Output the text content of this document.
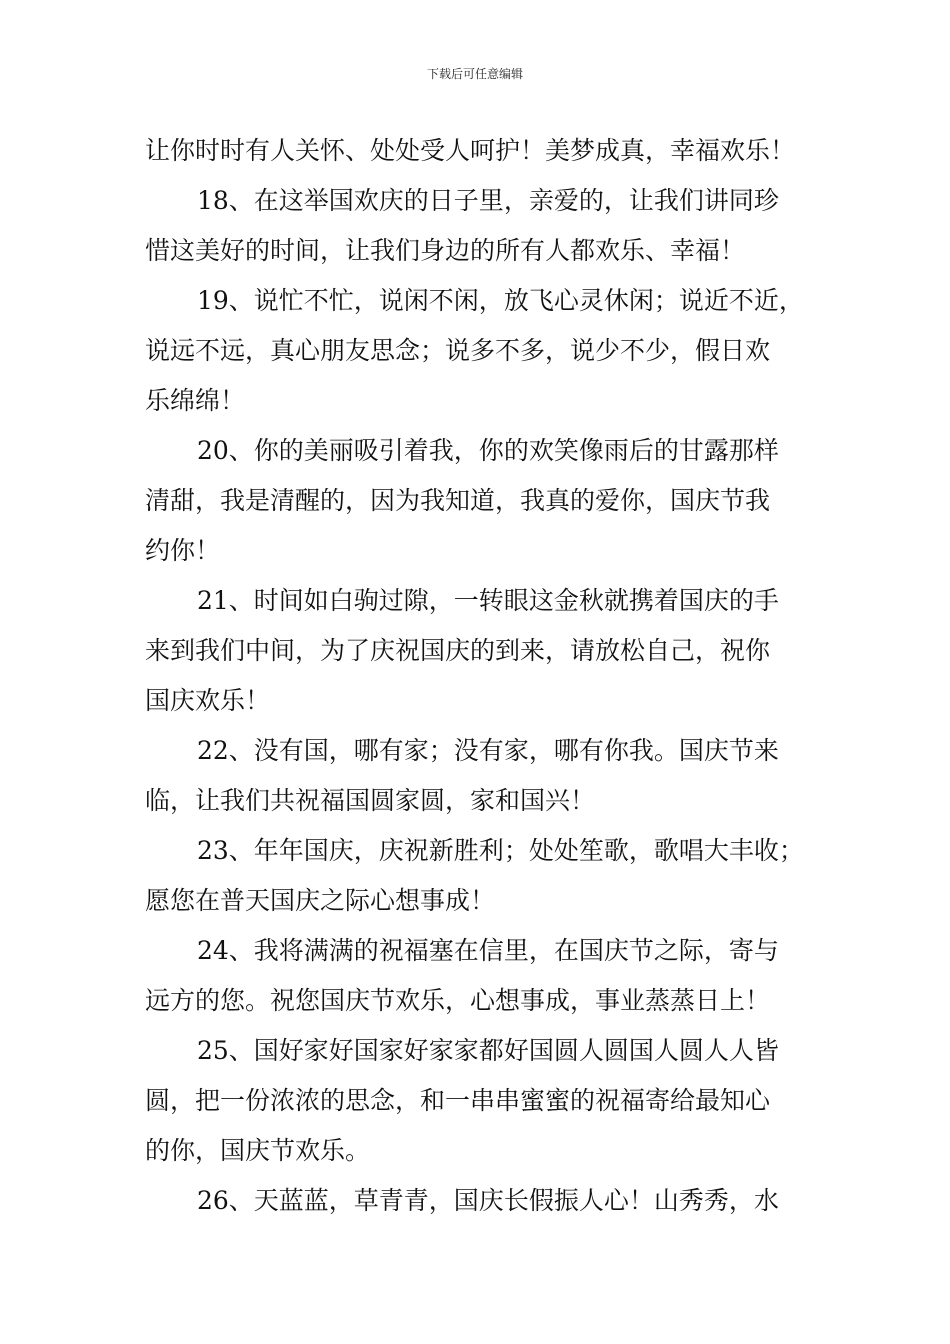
下载后可任意编辑
让你时时有人关怀、处处受人呵护！美梦成真，幸福欢乐！
18、在这举国欢庆的日子里，亲爱的，让我们讲同珍
惜这美好的时间，让我们身边的所有人都欢乐、幸福！
19、说忙不忙，说闲不闲，放飞心灵休闲；说近不近，
说远不远，真心朋友思念；说多不多，说少不少，假日欢
乐绵绵！
20、你的美丽吸引着我，你的欢笑像雨后的甘露那样
清甜，我是清醒的，因为我知道，我真的爱你，国庆节我
约你！
21、时间如白驹过隙，一转眼这金秋就携着国庆的手
来到我们中间，为了庆祝国庆的到来，请放松自己，祝你
国庆欢乐！
22、没有国，哪有家；没有家，哪有你我。国庆节来
临，让我们共祝福国圆家圆，家和国兴！
23、年年国庆，庆祝新胜利；处处笙歌，歌唱大丰收；
愿您在普天国庆之际心想事成！
24、我将满满的祝福塞在信里，在国庆节之际，寄与
远方的您。祝您国庆节欢乐，心想事成，事业蒸蒸日上！
25、国好家好国家好家家都好国圆人圆国人圆人人皆
圆，把一份浓浓的思念，和一串串蜜蜜的祝福寄给最知心
的你，国庆节欢乐。
26、天蓝蓝，草青青，国庆长假振人心！山秀秀，水
